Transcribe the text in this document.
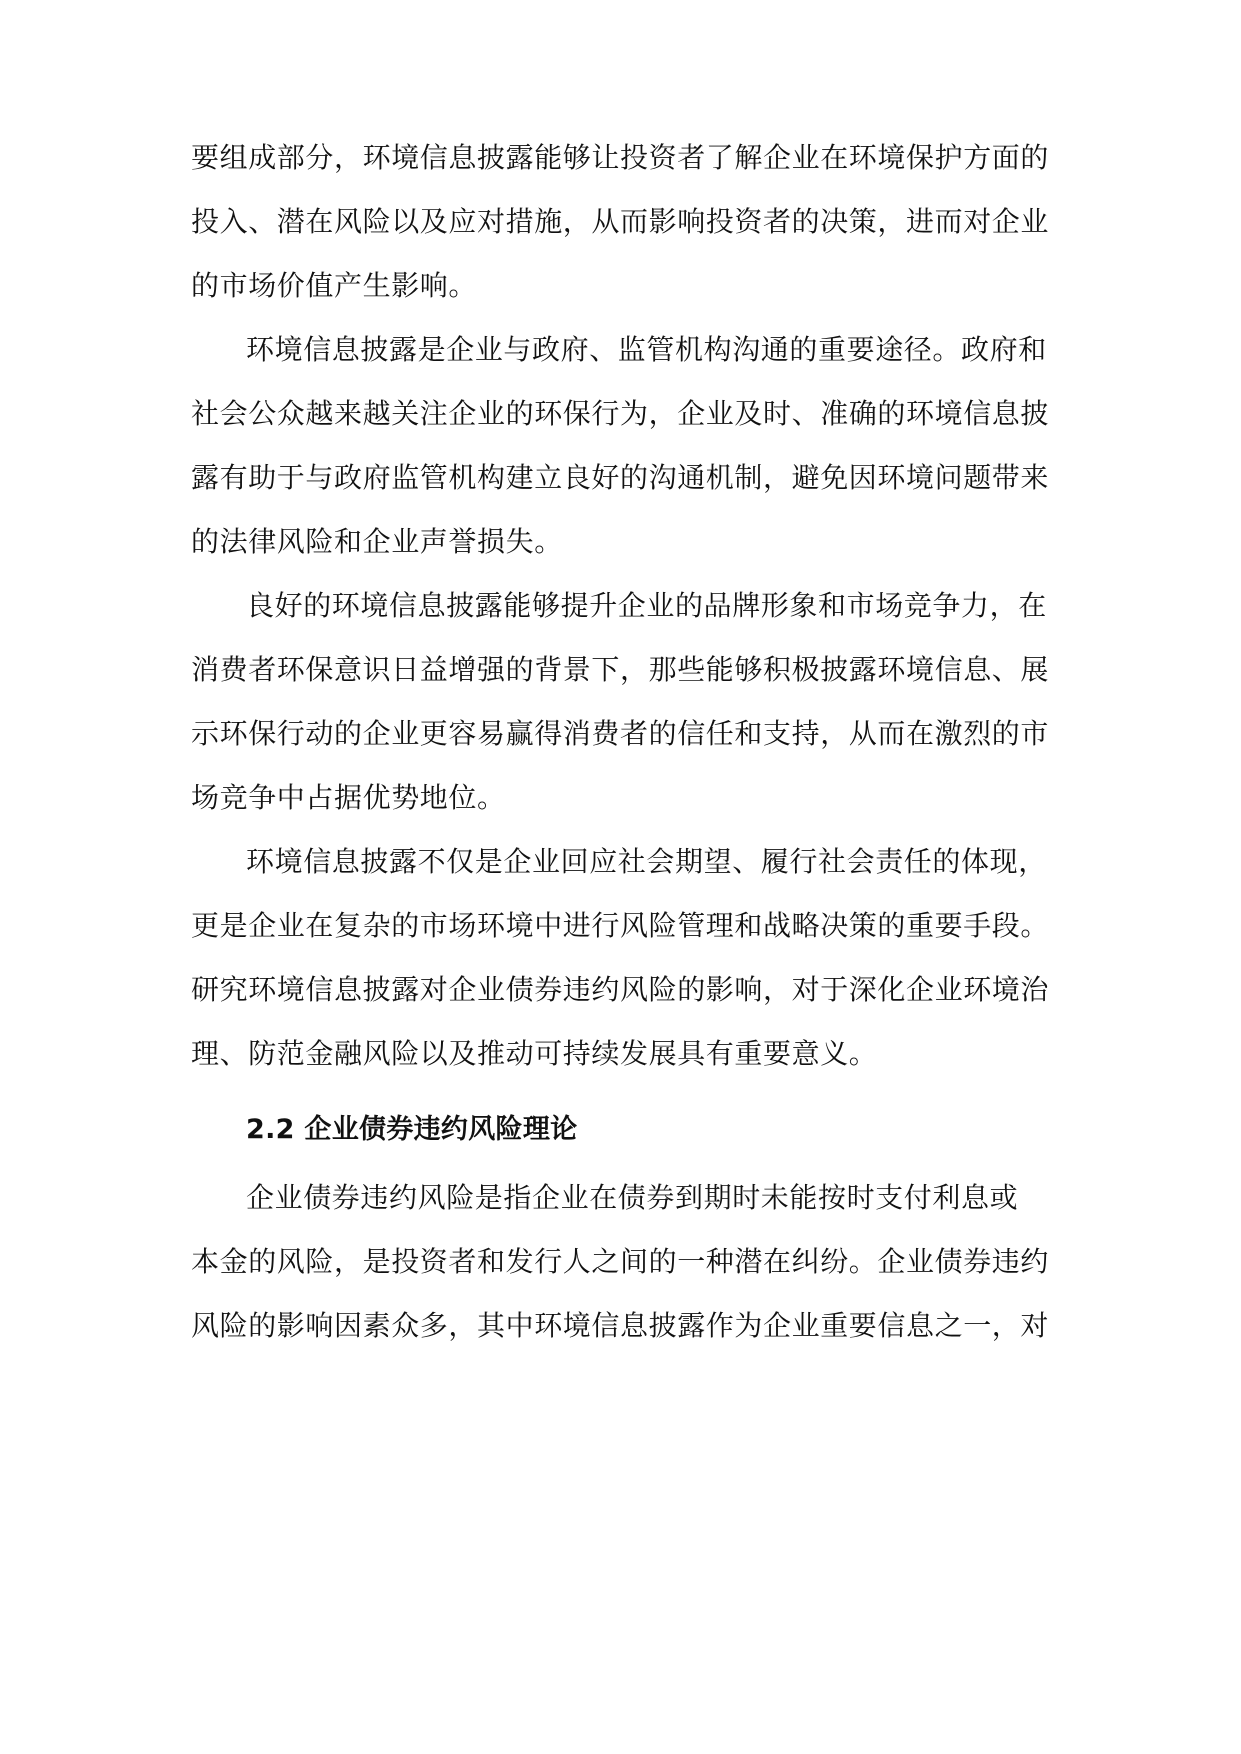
要组成部分，环境信息披露能够让投资者了解企业在环境保护方面的
投入、潜在风险以及应对措施，从而影响投资者的决策，进而对企业
的市场价值产生影响。
环境信息披露是企业与政府、监管机构沟通的重要途径。政府和
社会公众越来越关注企业的环保行为，企业及时、准确的环境信息披
露有助于与政府监管机构建立良好的沟通机制，避免因环境问题带来
的法律风险和企业声誉损失。
良好的环境信息披露能够提升企业的品牌形象和市场竞争力，在
消费者环保意识日益增强的背景下，那些能够积极披露环境信息、展
示环保行动的企业更容易赢得消费者的信任和支持，从而在激烈的市
场竞争中占据优势地位。
环境信息披露不仅是企业回应社会期望、履行社会责任的体现，
更是企业在复杂的市场环境中进行风险管理和战略决策的重要手段。
研究环境信息披露对企业债券违约风险的影响，对于深化企业环境治
理、防范金融风险以及推动可持续发展具有重要意义。
2.2 企业债券违约风险理论
企业债券违约风险是指企业在债券到期时未能按时支付利息或
本金的风险，是投资者和发行人之间的一种潜在纠纷。企业债券违约
风险的影响因素众多，其中环境信息披露作为企业重要信息之一，对
